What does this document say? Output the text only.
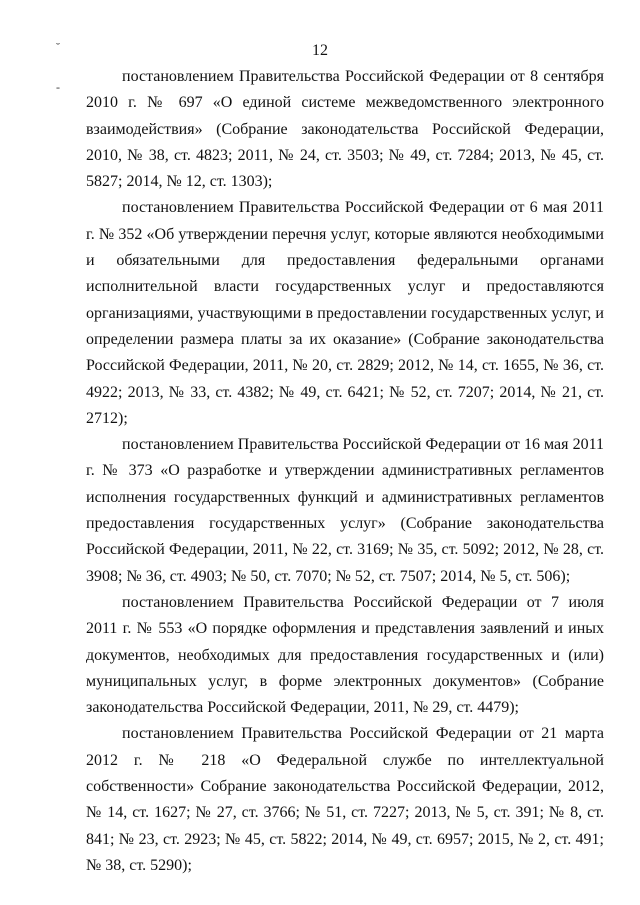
˘
-
12

постановлением Правительства Российской Федерации от 8 сентября 2010 г. № 697 «О единой системе межведомственного электронного взаимодействия» (Собрание законодательства Российской Федерации, 2010, № 38, ст. 4823; 2011, № 24, ст. 3503; № 49, ст. 7284; 2013, № 45, ст. 5827; 2014, № 12, ст. 1303);

постановлением Правительства Российской Федерации от 6 мая 2011 г. № 352 «Об утверждении перечня услуг, которые являются необходимыми и обязательными для предоставления федеральными органами исполнительной власти государственных услуг и предоставляются организациями, участвующими в предоставлении государственных услуг, и определении размера платы за их оказание» (Собрание законодательства Российской Федерации, 2011, № 20, ст. 2829; 2012, № 14, ст. 1655, № 36, ст. 4922; 2013, № 33, ст. 4382; № 49, ст. 6421; № 52, ст. 7207; 2014, № 21, ст. 2712);

постановлением Правительства Российской Федерации от 16 мая 2011 г. № 373 «О разработке и утверждении административных регламентов исполнения государственных функций и административных регламентов предоставления государственных услуг» (Собрание законодательства Российской Федерации, 2011, № 22, ст. 3169; № 35, ст. 5092; 2012, № 28, ст. 3908; № 36, ст. 4903; № 50, ст. 7070; № 52, ст. 7507; 2014, № 5, ст. 506);

постановлением Правительства Российской Федерации от 7 июля 2011 г. № 553 «О порядке оформления и представления заявлений и иных документов, необходимых для предоставления государственных и (или) муниципальных услуг, в форме электронных документов» (Собрание законодательства Российской Федерации, 2011, № 29, ст. 4479);

постановлением Правительства Российской Федерации от 21 марта 2012 г. № 218 «О Федеральной службе по интеллектуальной собственности» Собрание законодательства Российской Федерации, 2012, № 14, ст. 1627; № 27, ст. 3766; № 51, ст. 7227; 2013, № 5, ст. 391; № 8, ст. 841; № 23, ст. 2923; № 45, ст. 5822; 2014, № 49, ст. 6957; 2015, № 2, ст. 491; № 38, ст. 5290);
